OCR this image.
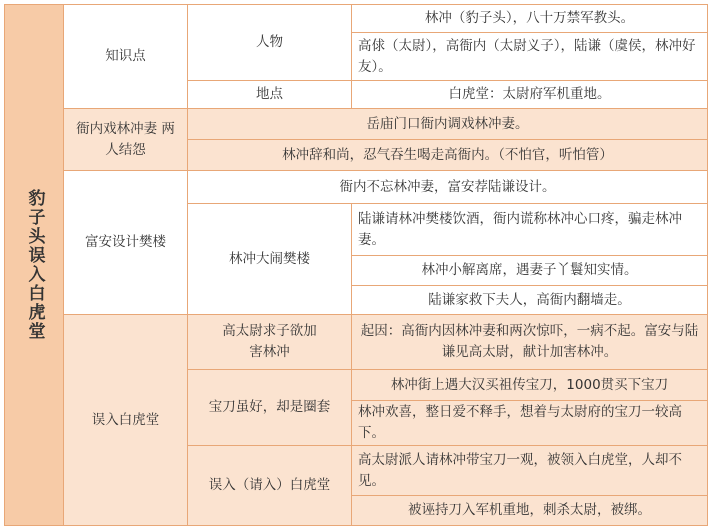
豹子头误入白虎堂
知识点
人物
林冲（豹子头），八十万禁军教头。
高俅（太尉），高衙内（太尉义子），陆谦（虞侯，林冲好友）。
地点	白虎堂：太尉府军机重地。
衙内戏林冲妻 两人结怨
岳庙门口衙内调戏林冲妻。
林冲辞和尚，忍气吞生喝走高衙内。（不怕官，听怕管）
富安设计樊楼
衙内不忘林冲妻，富安荐陆谦设计。
林冲大闹樊楼
陆谦请林冲樊楼饮酒，衙内谎称林冲心口疼，骗走林冲妻。
林冲小解离席，遇妻子丫鬟知实情。
陆谦家救下夫人，高衙内翻墙走。
误入白虎堂
高太尉求子欲加害林冲
起因：高衙内因林冲妻和两次惊吓，一病不起。富安与陆谦见高太尉，献计加害林冲。
宝刀虽好，却是圈套
林冲街上遇大汉买祖传宝刀，1000贯买下宝刀
林冲欢喜，整日爱不释手，想着与太尉府的宝刀一较高下。
误入（请入）白虎堂
高太尉派人请林冲带宝刀一观，被领入白虎堂，人却不见。
被诬持刀入军机重地，刺杀太尉，被绑。
